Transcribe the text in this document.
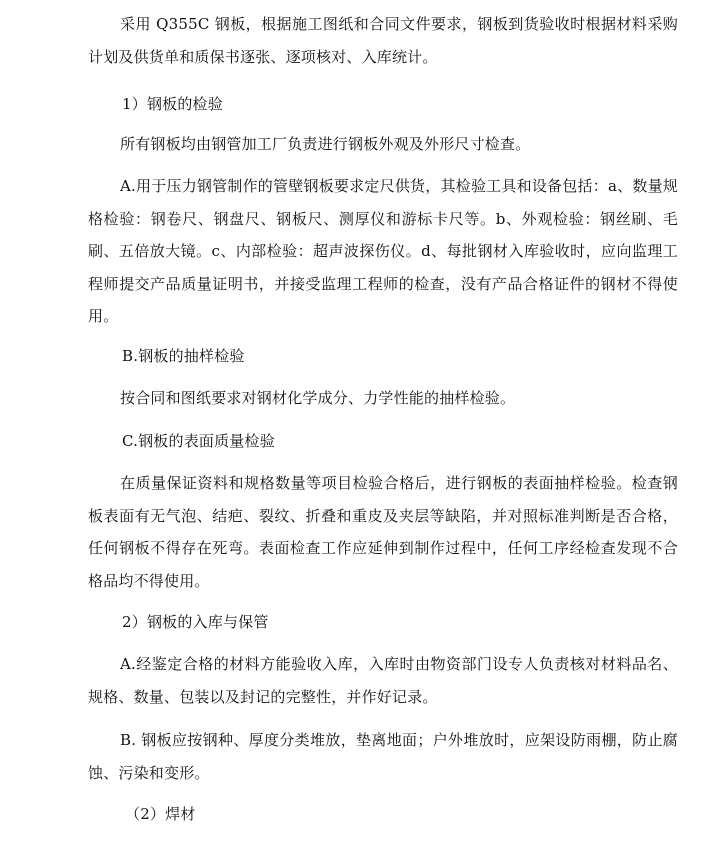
采用 Q355C 钢板，根据施工图纸和合同文件要求，钢板到货验收时根据材料采购计划及供货单和质保书逐张、逐项核对、入库统计。

1）钢板的检验

所有钢板均由钢管加工厂负责进行钢板外观及外形尺寸检查。

A.用于压力钢管制作的管壁钢板要求定尺供货，其检验工具和设备包括：a、数量规格检验：钢卷尺、钢盘尺、钢板尺、测厚仪和游标卡尺等。b、外观检验：钢丝刷、毛刷、五倍放大镜。c、内部检验：超声波探伤仪。d、每批钢材入库验收时，应向监理工程师提交产品质量证明书，并接受监理工程师的检查，没有产品合格证件的钢材不得使用。

B.钢板的抽样检验

按合同和图纸要求对钢材化学成分、力学性能的抽样检验。

C.钢板的表面质量检验

在质量保证资料和规格数量等项目检验合格后，进行钢板的表面抽样检验。检查钢板表面有无气泡、结疤、裂纹、折叠和重皮及夹层等缺陷，并对照标准判断是否合格，任何钢板不得存在死弯。表面检查工作应延伸到制作过程中，任何工序经检查发现不合格品均不得使用。

2）钢板的入库与保管

A.经鉴定合格的材料方能验收入库，入库时由物资部门设专人负责核对材料品名、规格、数量、包装以及封记的完整性，并作好记录。

B. 钢板应按钢种、厚度分类堆放，垫离地面；户外堆放时，应架设防雨棚，防止腐蚀、污染和变形。

（2）焊材
